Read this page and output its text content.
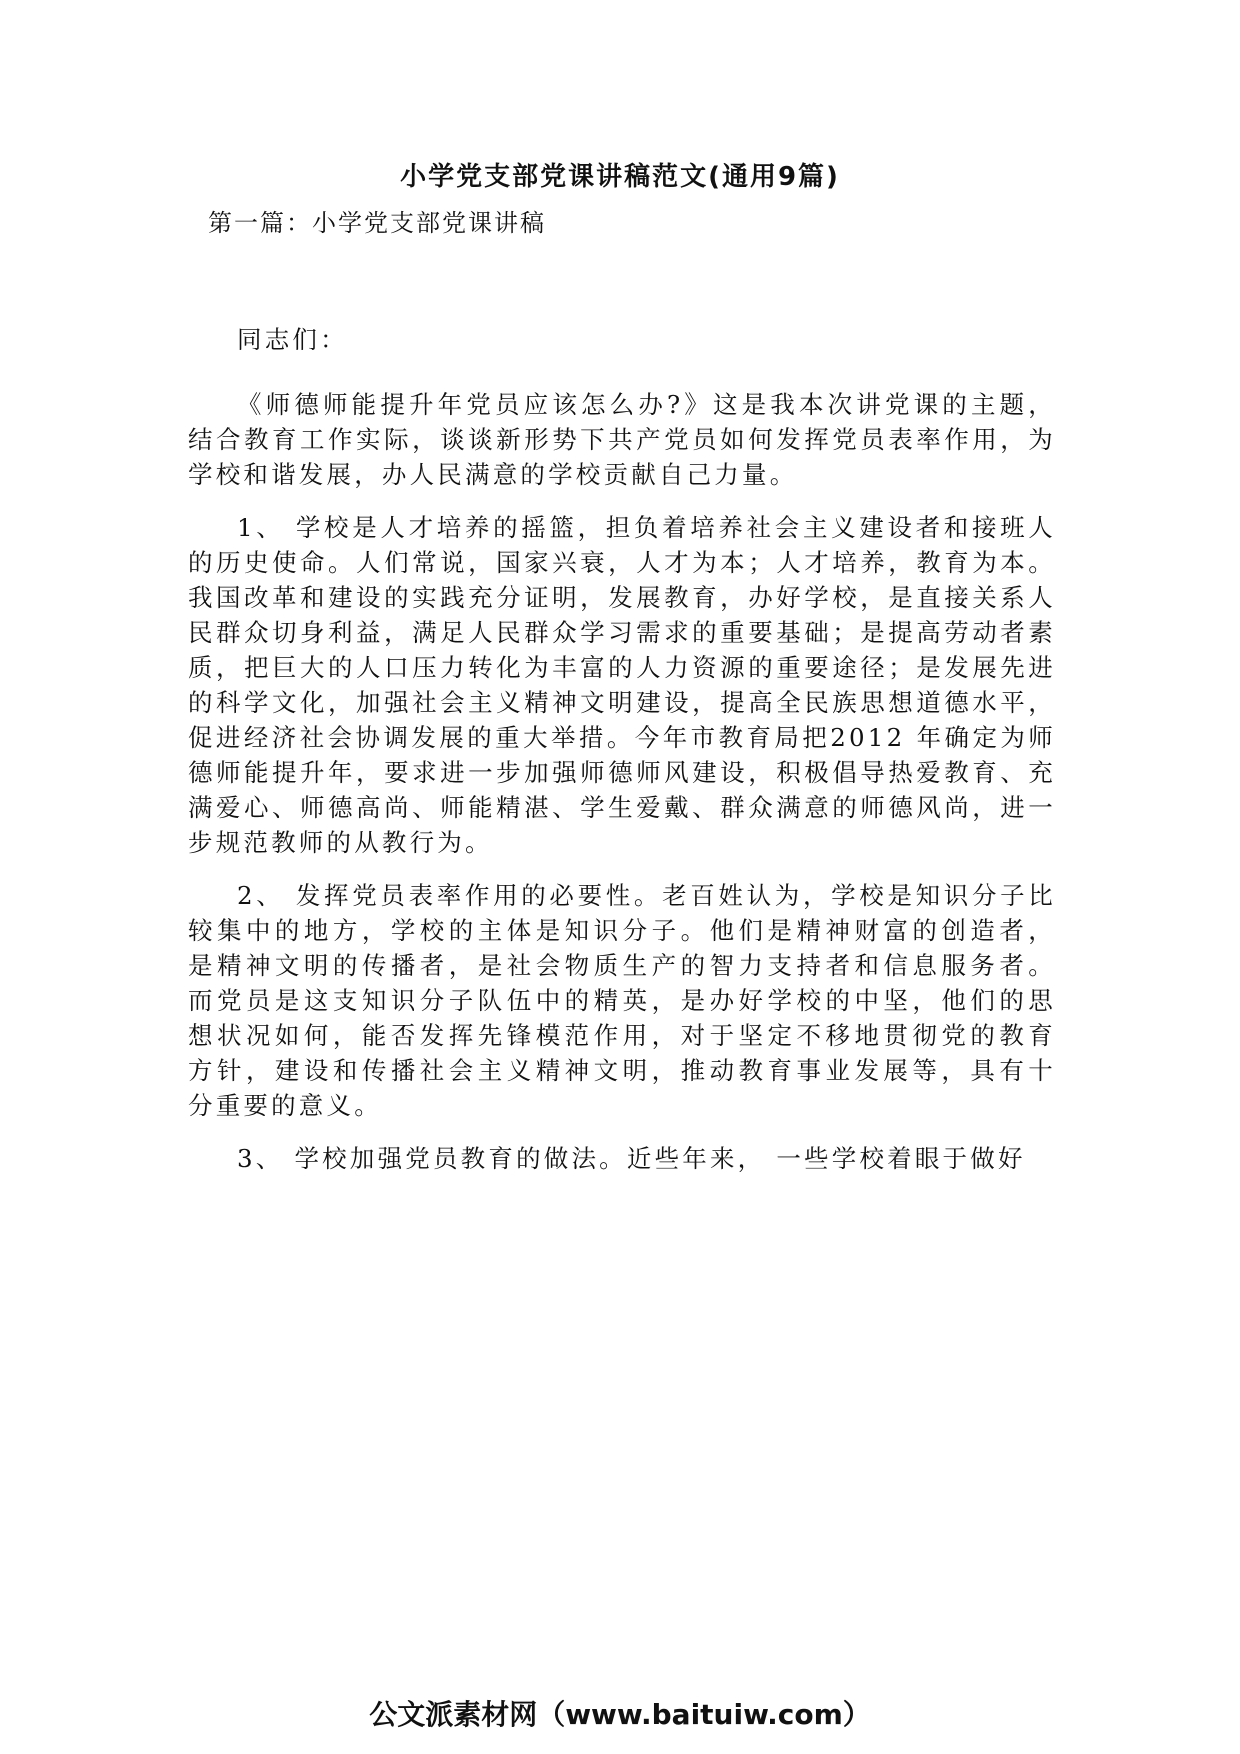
小学党支部党课讲稿范文(通用9篇)
第一篇：小学党支部党课讲稿

同志们：

《师德师能提升年党员应该怎么办?》这是我本次讲党课的主题，结合教育工作实际，谈谈新形势下共产党员如何发挥党员表率作用，为学校和谐发展，办人民满意的学校贡献自己力量。

1、 学校是人才培养的摇篮，担负着培养社会主义建设者和接班人的历史使命。人们常说，国家兴衰，人才为本；人才培养，教育为本。我国改革和建设的实践充分证明，发展教育，办好学校，是直接关系人民群众切身利益，满足人民群众学习需求的重要基础；是提高劳动者素质，把巨大的人口压力转化为丰富的人力资源的重要途径；是发展先进的科学文化，加强社会主义精神文明建设，提高全民族思想道德水平，促进经济社会协调发展的重大举措。今年市教育局把2012 年确定为师德师能提升年，要求进一步加强师德师风建设，积极倡导热爱教育、充满爱心、师德高尚、师能精湛、学生爱戴、群众满意的师德风尚，进一步规范教师的从教行为。

2、 发挥党员表率作用的必要性。老百姓认为，学校是知识分子比较集中的地方，学校的主体是知识分子。他们是精神财富的创造者， 是精神文明的传播者，是社会物质生产的智力支持者和信息服务者。 而党员是这支知识分子队伍中的精英，是办好学校的中坚，他们的思 想状况如何，能否发挥先锋模范作用，对于坚定不移地贯彻党的教育 方针，建设和传播社会主义精神文明，推动教育事业发展等，具有十 分重要的意义。

3、 学校加强党员教育的做法。近些年来， 一些学校着眼于做好

公文派素材网（www.baituiw.com）
